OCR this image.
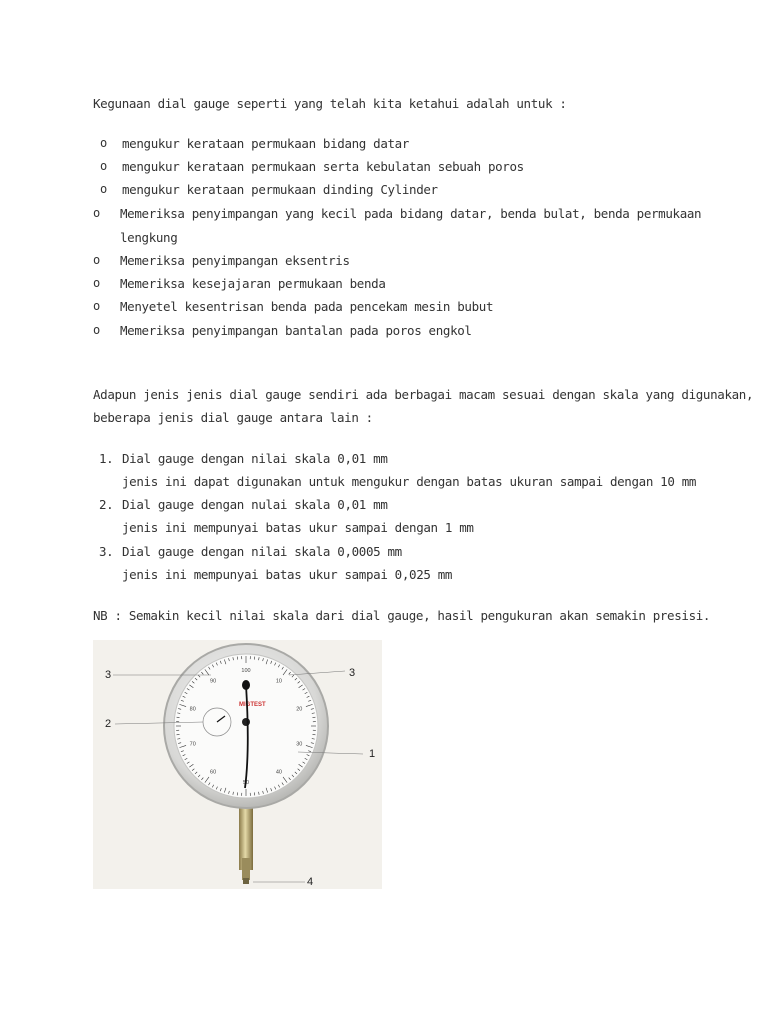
Kegunaan dial gauge seperti yang telah kita ketahui adalah untuk :
o mengukur kerataan permukaan bidang datar
o mengukur kerataan permukaan serta kebulatan sebuah poros
o mengukur kerataan permukaan dinding Cylinder
o Memeriksa penyimpangan yang kecil pada bidang datar, benda bulat, benda permukaan
lengkung
o Memeriksa penyimpangan eksentris
o Memeriksa kesejajaran permukaan benda
o Menyetel kesentrisan benda pada pencekam mesin bubut
o Memeriksa penyimpangan bantalan pada poros engkol
Adapun jenis jenis dial gauge sendiri ada berbagai macam sesuai dengan skala yang digunakan,
beberapa jenis dial gauge antara lain :
1. Dial gauge dengan nilai skala 0,01 mm
jenis ini dapat digunakan untuk mengukur dengan batas ukuran sampai dengan 10 mm
2. Dial gauge dengan nulai skala 0,01 mm
jenis ini mempunyai batas ukur sampai dengan 1 mm
3. Dial gauge dengan nilai skala 0,0005 mm
jenis ini mempunyai batas ukur sampai 0,025 mm
NB : Semakin kecil nilai skala dari dial gauge, hasil pengukuran akan semakin presisi.
100
90	10
80	20
70	30
60	40
50
MIGTEST
3	3
2
1
4
